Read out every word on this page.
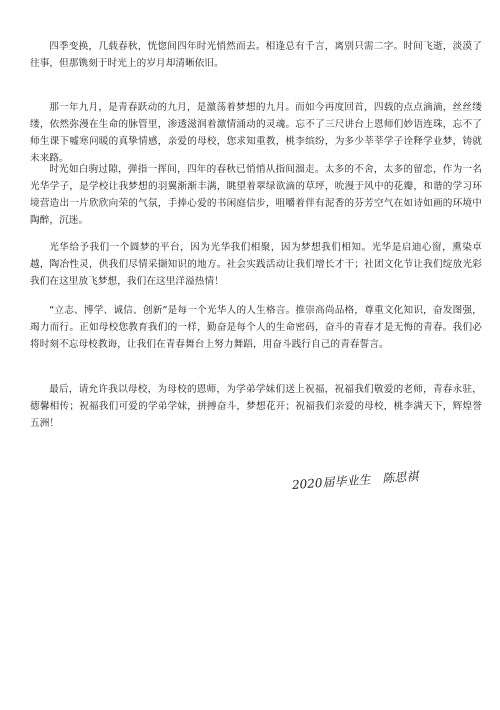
四季变换，几载春秋，恍惚间四年时光悄然而去。相逢总有千言，离别只需二字。时间飞逝，淡漠了往事，但那镌刻于时光上的岁月却清晰依旧。

那一年九月，是青春跃动的九月，是激荡着梦想的九月。而如今再度回首，四载的点点滴滴，丝丝缕缕，依然弥漫在生命的脉管里，渗透滋润着激情涌动的灵魂。忘不了三尺讲台上恩师们妙语连珠，忘不了师生课下嘘寒问暖的真挚情感，亲爱的母校，您求知重教，桃李缤纷，为多少莘莘学子诠释学业梦，铸就未来路。

时光如白驹过隙，弹指一挥间，四年的春秋已悄悄从指间溜走。太多的不舍，太多的留恋，作为一名光华学子，是学校让我梦想的羽翼渐渐丰满，眺望着翠绿欲滴的草坪，吮漫于风中的花瓣，和谐的学习环境营造出一片欣欣向荣的气氛，手捧心爱的书闲庭信步，咀嚼着伴有泥香的芬芳空气在如诗如画的环境中陶醉，沉迷。

光华给予我们一个圆梦的平台，因为光华我们相聚，因为梦想我们相知。光华是启迪心窗，熏染卓越，陶冶性灵，供我们尽情采撷知识的地方。社会实践活动让我们增长才干；社团文化节让我们绽放光彩我们在这里放飞梦想，我们在这里洋溢热情！

“立志、博学、诚信、创新”是每一个光华人的人生格言。推崇高尚品格，尊重文化知识，奋发图强，竭力而行。正如母校您教育我们的一样，勤奋是每个人的生命密码，奋斗的青春才是无悔的青春。我们必将时刻不忘母校教诲，让我们在青春舞台上努力舞蹈，用奋斗践行自己的青春誓言。

最后，请允许我以母校，为母校的恩师，为学弟学妹们送上祝福，祝福我们敬爱的老师，青春永驻，德馨相传；祝福我们可爱的学弟学妹，拼搏奋斗，梦想花开；祝福我们亲爱的母校，桃李满天下，辉煌誉五洲！

2020届毕业生　陈思祺
